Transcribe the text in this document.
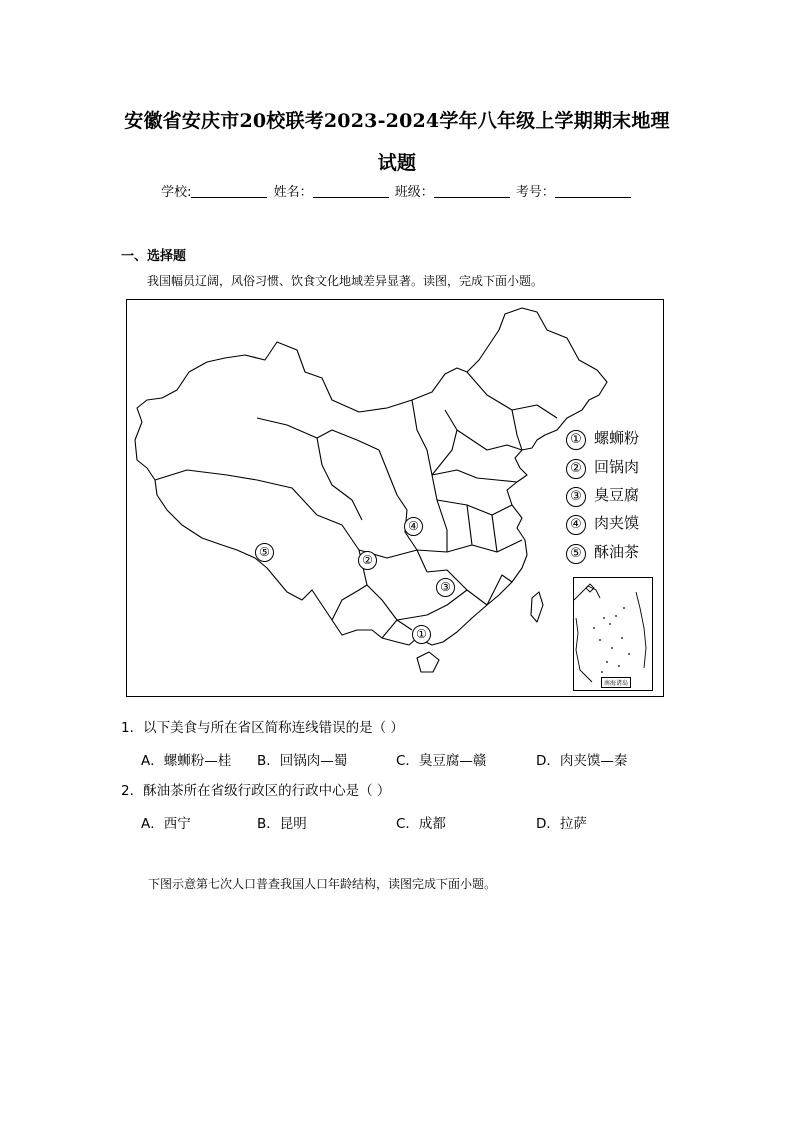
安徽省安庆市20校联考2023-2024学年八年级上学期期末地理
试题
学校:	姓名：	班级：	考号：
一、选择题
我国幅员辽阔，风俗习惯、饮食文化地域差异显著。读图，完成下面小题。
⑤
②
④
③
①
① 螺蛳粉
② 回锅肉
③ 臭豆腐
④ 肉夹馍
⑤ 酥油茶
南海诸岛
1．以下美食与所在省区简称连线错误的是（ ）
A．螺蛳粉—桂 B．回锅肉—蜀	C．臭豆腐—赣	D．肉夹馍—秦
2．酥油茶所在省级行政区的行政中心是（ ）
A．西宁	B．昆明	C．成都	D．拉萨
下图示意第七次人口普查我国人口年龄结构，读图完成下面小题。
